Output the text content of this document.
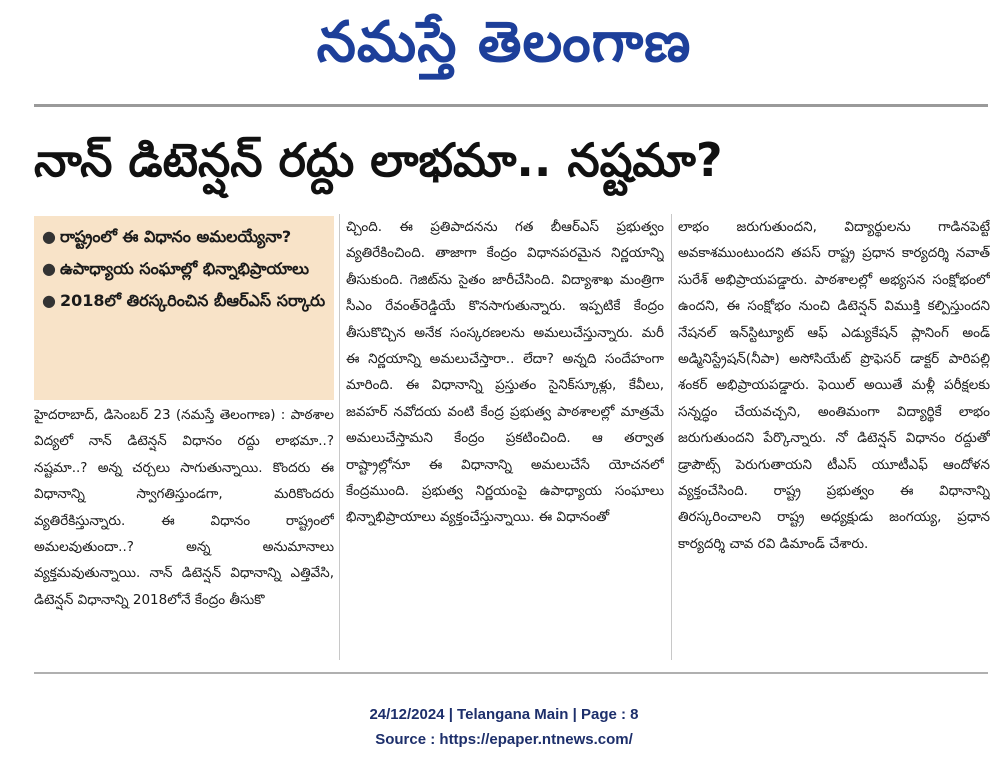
నమస్తే తెలంగాణ
నాన్ డిటెన్షన్ రద్దు లాభమా.. నష్టమా?
● రాష్ట్రంలో ఈ విధానం అమలయ్యేనా?
● ఉపాధ్యాయ సంఘాల్లో భిన్నాభిప్రాయాలు
● 2018లో తిరస్కరించిన బీఆర్ఎస్ సర్కారు
హైదరాబాద్, డిసెంబర్ 23 (నమస్తే తెలంగాణ) : పాఠశాల విద్యలో నాన్ డిటెన్షన్ విధానం రద్దు లాభమా..? నష్టమా..? అన్న చర్చలు సాగుతున్నాయి. కొందరు ఈ విధానాన్ని స్వాగతిస్తుండగా, మరికొందరు వ్యతిరేకిస్తున్నారు. ఈ విధానం రాష్ట్రంలో అమలవుతుందా..? అన్న అనుమానాలు వ్యక్తమవుతున్నాయి. నాన్ డిటెన్షన్ విధానాన్ని ఎత్తివేసి, డిటెన్షన్ విధానాన్ని 2018లోనే కేంద్రం తీసుకొ
చ్చింది. ఈ ప్రతిపాదనను గత బీఆర్ఎస్ ప్రభుత్వం వ్యతిరేకించింది. తాజాగా కేంద్రం విధానపరమైన నిర్ణయాన్ని తీసుకుంది. గెజిట్‌ను సైతం జారీచేసింది. విద్యాశాఖ మంత్రిగా సీఎం రేవంత్‌రెడ్డియే కొనసాగుతున్నారు. ఇప్పటికే కేంద్రం తీసుకొచ్చిన అనేక సంస్కరణలను అమలుచేస్తున్నారు. మరీ ఈ నిర్ణయాన్ని అమలుచేస్తారా.. లేదా? అన్నది సందేహంగా మారింది. ఈ విధానాన్ని ప్రస్తుతం సైనిక్‌స్కూళ్లు, కేవీలు, జవహర్ నవోదయ వంటి కేంద్ర ప్రభుత్వ పాఠశాలల్లో మాత్రమే అమలుచేస్తామని కేంద్రం ప్రకటించింది. ఆ తర్వాత రాష్ట్రాల్లోనూ ఈ విధానాన్ని అమలుచేసే యోచనలో కేంద్రముంది. ప్రభుత్వ నిర్ణయంపై ఉపాధ్యాయ సంఘాలు భిన్నాభిప్రాయాలు వ్యక్తంచేస్తున్నాయి. ఈ విధానంతో
లాభం జరుగుతుందని, విద్యార్థులను గాడినపెట్టే అవకాశముంటుందని తపస్ రాష్ట్ర ప్రధాన కార్యదర్శి నవాత్ సురేశ్ అభిప్రాయపడ్డారు. పాఠశాలల్లో అభ్యసన సంక్షోభంలో ఉందని, ఈ సంక్షోభం నుంచి డిటెన్షన్ విముక్తి కల్పిస్తుందని నేషనల్ ఇన్‌స్టిట్యూట్ ఆఫ్ ఎడ్యుకేషన్ ప్లానింగ్ అండ్ అడ్మినిస్ట్రేషన్(నీపా) అసోసియేట్ ప్రొఫెసర్ డాక్టర్ పారిపల్లి శంకర్ అభిప్రాయపడ్డారు. ఫెయిల్ అయితే మళ్లీ పరీక్షలకు సన్నద్ధం చేయవచ్చని, అంతిమంగా విద్యార్థికే లాభం జరుగుతుందని పేర్కొన్నారు. నో డిటెన్షన్ విధానం రద్దుతో డ్రాపౌట్స్ పెరుగుతాయని టీఎస్ యూటీఎఫ్ ఆందోళన వ్యక్తంచేసింది. రాష్ట్ర ప్రభుత్వం ఈ విధానాన్ని తిరస్కరించాలని రాష్ట్ర అధ్యక్షుడు జంగయ్య, ప్రధాన కార్యదర్శి చావ రవి డిమాండ్ చేశారు.
24/12/2024 | Telangana Main | Page : 8
Source : https://epaper.ntnews.com/
